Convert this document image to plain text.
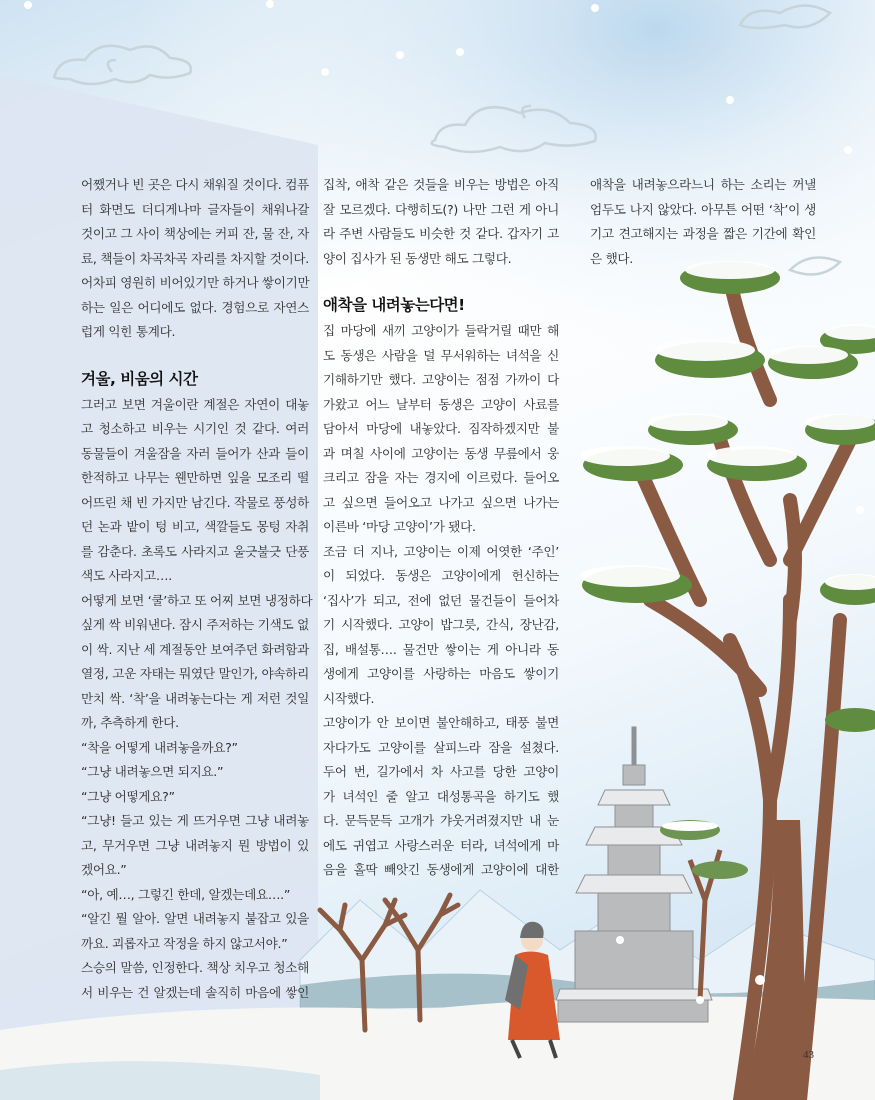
어쨌거나 빈 곳은 다시 채워질 것이다. 컴퓨
터 화면도 더디게나마 글자들이 채워나갈
것이고 그 사이 책상에는 커피 잔, 물 잔, 자
료, 책들이 차곡차곡 자리를 차지할 것이다.
어차피 영원히 비어있기만 하거나 쌓이기만
하는 일은 어디에도 없다. 경험으로 자연스
럽게 익힌 통계다.
겨울, 비움의 시간
그러고 보면 겨울이란 계절은 자연이 대놓
고 청소하고 비우는 시기인 것 같다. 여러
동물들이 겨울잠을 자러 들어가 산과 들이
한적하고 나무는 웬만하면 잎을 모조리 떨
어뜨린 채 빈 가지만 남긴다. 작물로 풍성하
던 논과 밭이 텅 비고, 색깔들도 몽텅 자취
를 감춘다. 초록도 사라지고 울긋불긋 단풍
색도 사라지고….
어떻게 보면 ‘쿨’하고 또 어찌 보면 냉정하다
싶게 싹 비워낸다. 잠시 주저하는 기색도 없
이 싹. 지난 세 계절동안 보여주던 화려함과
열정, 고운 자태는 뭐였단 말인가, 야속하리
만치 싹. ‘착’을 내려놓는다는 게 저런 것일
까, 추측하게 한다.
“착을 어떻게 내려놓을까요?”
“그냥 내려놓으면 되지요.”
“그냥 어떻게요?”
“그냥! 들고 있는 게 뜨거우면 그냥 내려놓
고, 무거우면 그냥 내려놓지 뭔 방법이 있
겠어요.”
“아, 예…, 그렇긴 한데, 알겠는데요….”
“알긴 뭘 알아. 알면 내려놓지 붙잡고 있을
까요. 괴롭자고 작정을 하지 않고서야.”
스승의 말씀, 인정한다. 책상 치우고 청소해
서 비우는 건 알겠는데 솔직히 마음에 쌓인
집착, 애착 같은 것들을 비우는 방법은 아직
잘 모르겠다. 다행히도(?) 나만 그런 게 아니
라 주변 사람들도 비슷한 것 같다. 갑자기 고
양이 집사가 된 동생만 해도 그렇다.
애착을 내려놓는다면!
집 마당에 새끼 고양이가 들락거릴 때만 해
도 동생은 사람을 덜 무서워하는 녀석을 신
기해하기만 했다. 고양이는 점점 가까이 다
가왔고 어느 날부터 동생은 고양이 사료를
담아서 마당에 내놓았다. 짐작하겠지만 불
과 며칠 사이에 고양이는 동생 무릎에서 웅
크리고 잠을 자는 경지에 이르렀다. 들어오
고 싶으면 들어오고 나가고 싶으면 나가는
이른바 ‘마당 고양이’가 됐다.
조금 더 지나, 고양이는 이제 어엿한 ‘주인’
이 되었다. 동생은 고양이에게 헌신하는
‘집사’가 되고, 전에 없던 물건들이 들어차
기 시작했다. 고양이 밥그릇, 간식, 장난감,
집, 배설통…. 물건만 쌓이는 게 아니라 동
생에게 고양이를 사랑하는 마음도 쌓이기
시작했다.
고양이가 안 보이면 불안해하고, 태풍 불면
자다가도 고양이를 살피느라 잠을 설쳤다.
두어 번, 길가에서 차 사고를 당한 고양이
가 녀석인 줄 알고 대성통곡을 하기도 했
다. 문득문득 고개가 갸웃거려졌지만 내 눈
에도 귀엽고 사랑스러운 터라, 녀석에게 마
음을 홀딱 빼앗긴 동생에게 고양이에 대한
애착을 내려놓으라느니 하는 소리는 꺼낼
엄두도 나지 않았다. 아무튼 어떤 ‘착’이 생
기고 견고해지는 과정을 짧은 기간에 확인
은 했다.
43
